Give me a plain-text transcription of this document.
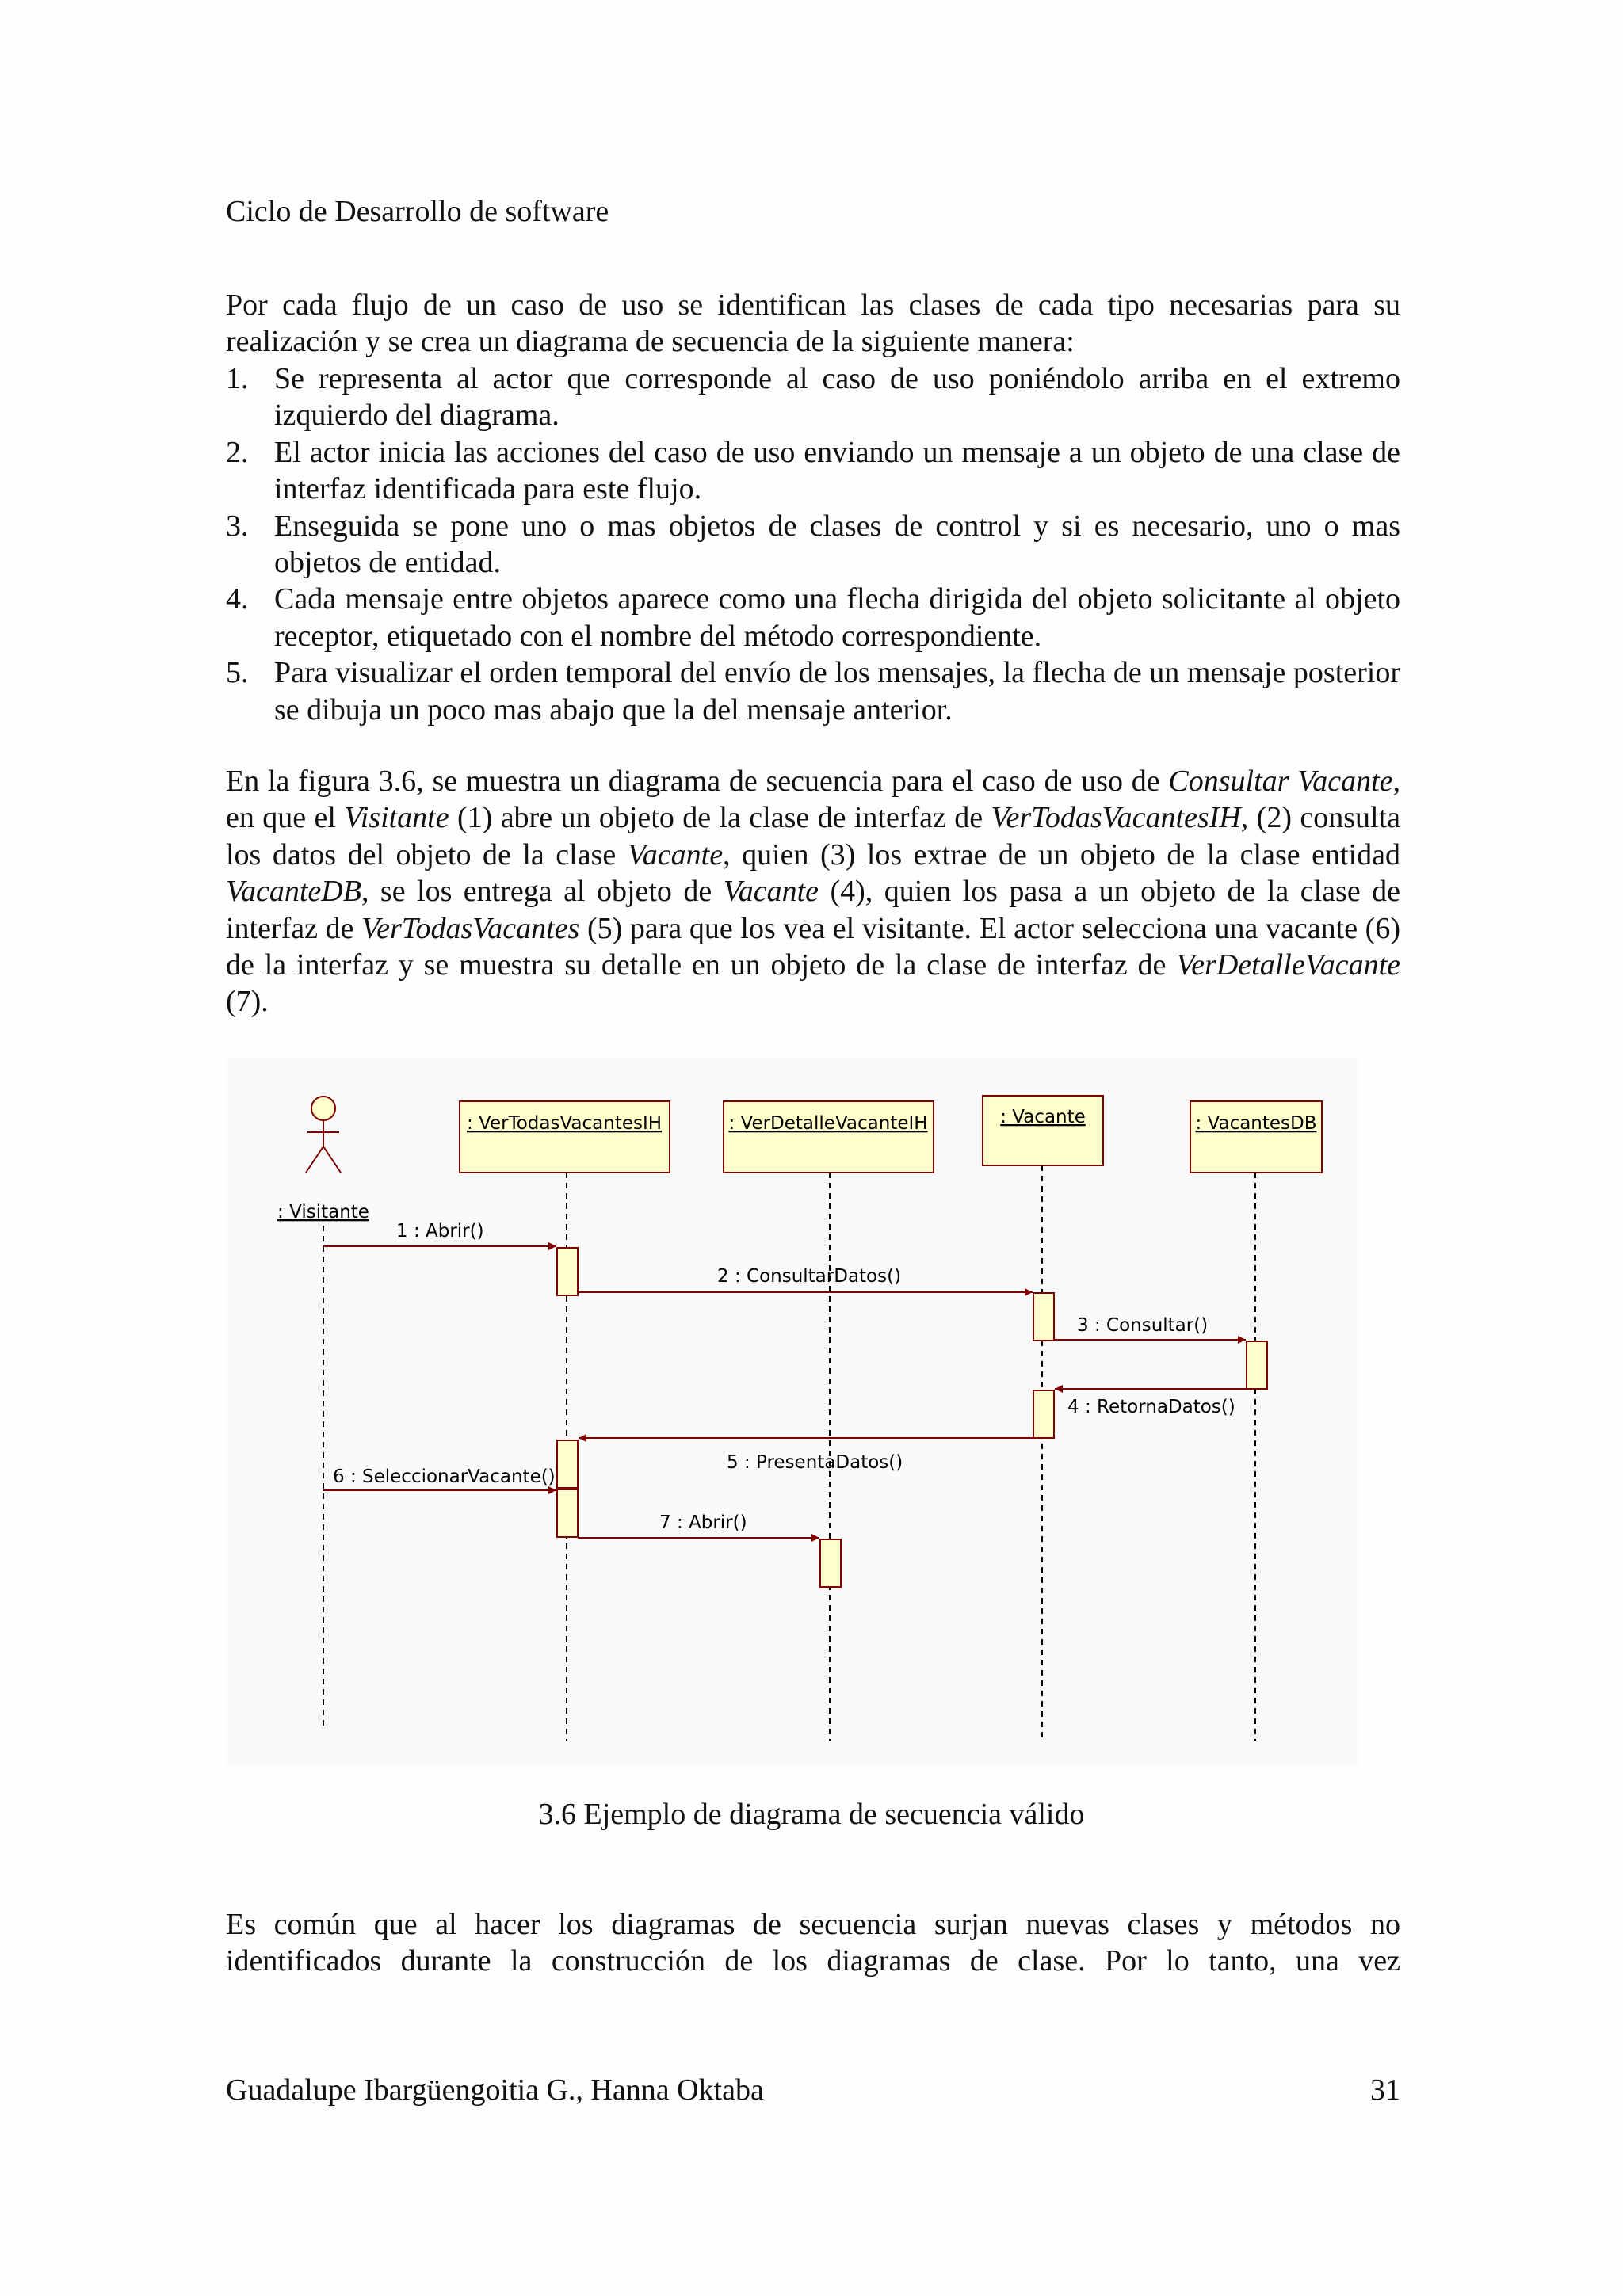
Ciclo de Desarrollo de software
Por cada flujo de un caso de uso se identifican las clases de cada tipo necesarias para su realización y se crea un diagrama de secuencia de la siguiente manera:
1. Se representa al actor que corresponde al caso de uso poniéndolo arriba en el extremo izquierdo del diagrama.
2. El actor inicia las acciones del caso de uso enviando un mensaje a un objeto de una clase de interfaz identificada para este flujo.
3. Enseguida se pone uno o mas objetos de clases de control y si es necesario, uno o mas objetos de entidad.
4. Cada mensaje entre objetos aparece como una flecha dirigida del objeto solicitante al objeto receptor, etiquetado con el nombre del método correspondiente.
5. Para visualizar el orden temporal del envío de los mensajes, la flecha de un mensaje posterior se dibuja un poco mas abajo que la del mensaje anterior.
En la figura 3.6, se muestra un diagrama de secuencia para el caso de uso de Consultar Vacante, en que el Visitante (1) abre un objeto de la clase de interfaz de VerTodasVacantesIH, (2) consulta los datos del objeto de la clase Vacante, quien (3) los extrae de un objeto de la clase entidad VacanteDB, se los entrega al objeto de Vacante (4), quien los pasa a un objeto de la clase de interfaz de VerTodasVacantes (5) para que los vea el visitante. El actor selecciona una vacante (6) de la interfaz y se muestra su detalle en un objeto de la clase de interfaz de VerDetalleVacante (7).
: Visitante
: VerTodasVacantesIH	: VerDetalleVacanteIH	: Vacante	: VacantesDB
1 : Abrir()
2 : ConsultarDatos()
3 : Consultar()
4 : RetornaDatos()
5 : PresentaDatos()
6 : SeleccionarVacante()
7 : Abrir()
3.6 Ejemplo de diagrama de secuencia válido
Es común que al hacer los diagramas de secuencia surjan nuevas clases y métodos no identificados durante la construcción de los diagramas de clase. Por lo tanto, una vez
Guadalupe Ibargüengoitia G., Hanna Oktaba	31
